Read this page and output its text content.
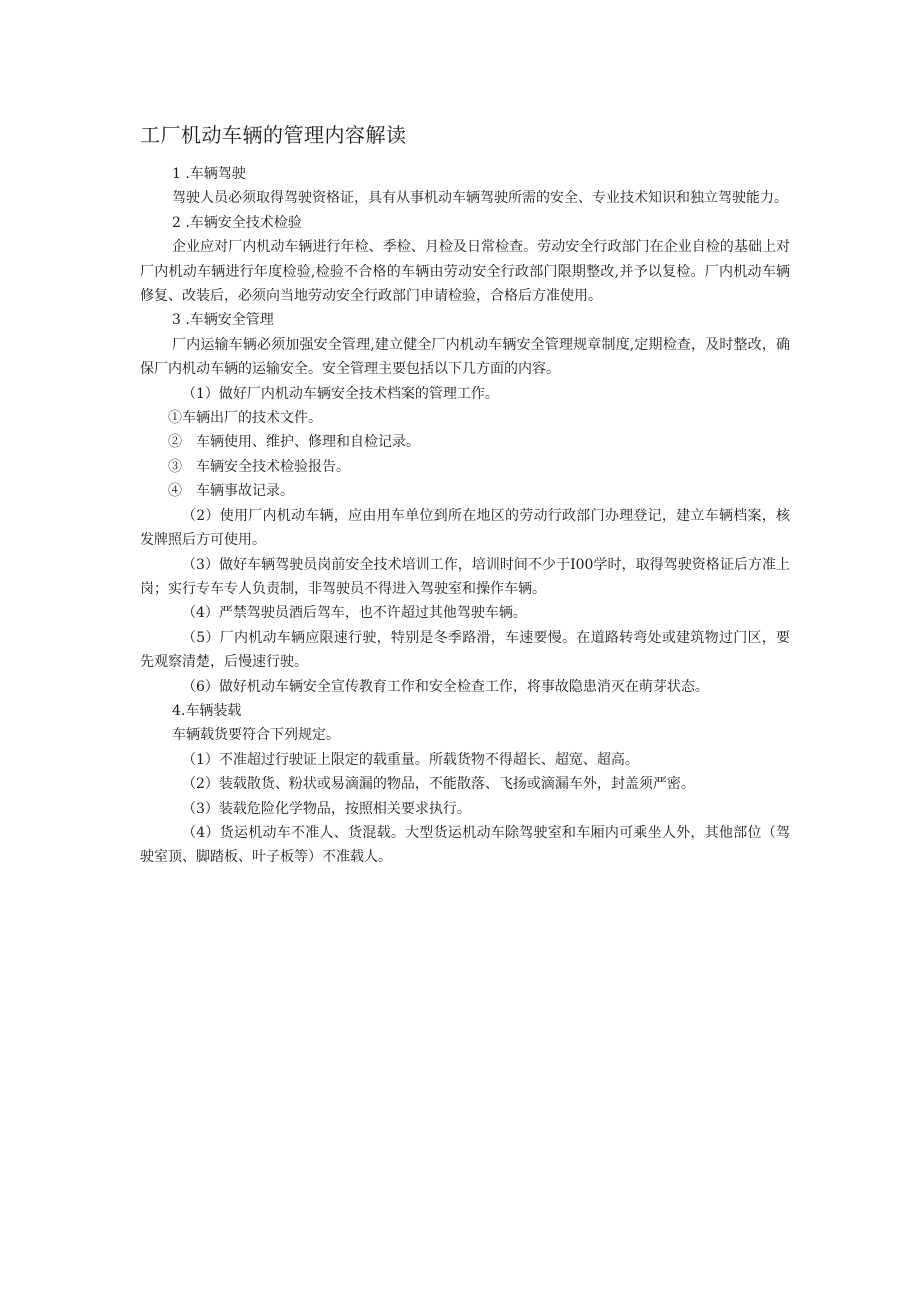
工厂机动车辆的管理内容解读

1 .车辆驾驶

驾驶人员必须取得驾驶资格证，具有从事机动车辆驾驶所需的安全、专业技术知识和独立驾驶能力。

2 .车辆安全技术检验

企业应对厂内机动车辆进行年检、季检、月检及日常检查。劳动安全行政部门在企业自检的基础上对厂内机动车辆进行年度检验,检验不合格的车辆由劳动安全行政部门限期整改,并予以复检。厂内机动车辆修复、改装后，必须向当地劳动安全行政部门申请检验，合格后方准使用。

3 .车辆安全管理

厂内运输车辆必须加强安全管理,建立健全厂内机动车辆安全管理规章制度,定期检查，及时整改，确保厂内机动车辆的运输安全。安全管理主要包括以下几方面的内容。

（1）做好厂内机动车辆安全技术档案的管理工作。

①车辆出厂的技术文件。

②　车辆使用、维护、修理和自检记录。

③　车辆安全技术检验报告。

④　车辆事故记录。

（2）使用厂内机动车辆，应由用车单位到所在地区的劳动行政部门办理登记，建立车辆档案，核发牌照后方可使用。

（3）做好车辆驾驶员岗前安全技术培训工作，培训时间不少于I00学时，取得驾驶资格证后方准上岗；实行专车专人负责制，非驾驶员不得进入驾驶室和操作车辆。

（4）严禁驾驶员酒后驾车，也不许超过其他驾驶车辆。

（5）厂内机动车辆应限速行驶，特别是冬季路滑，车速要慢。在道路转弯处或建筑物过门区，要先观察清楚，后慢速行驶。

（6）做好机动车辆安全宣传教育工作和安全检查工作，将事故隐患消灭在萌芽状态。

4.车辆装载

车辆载货要符合下列规定。

（1）不准超过行驶证上限定的载重量。所载货物不得超长、超宽、超高。

（2）装载散货、粉状或易滴漏的物品，不能散落、飞扬或滴漏车外，封盖须严密。

（3）装载危险化学物品，按照相关要求执行。

（4）货运机动车不准人、货混载。大型货运机动车除驾驶室和车厢内可乘坐人外，其他部位（驾驶室顶、脚踏板、叶子板等）不准载人。
